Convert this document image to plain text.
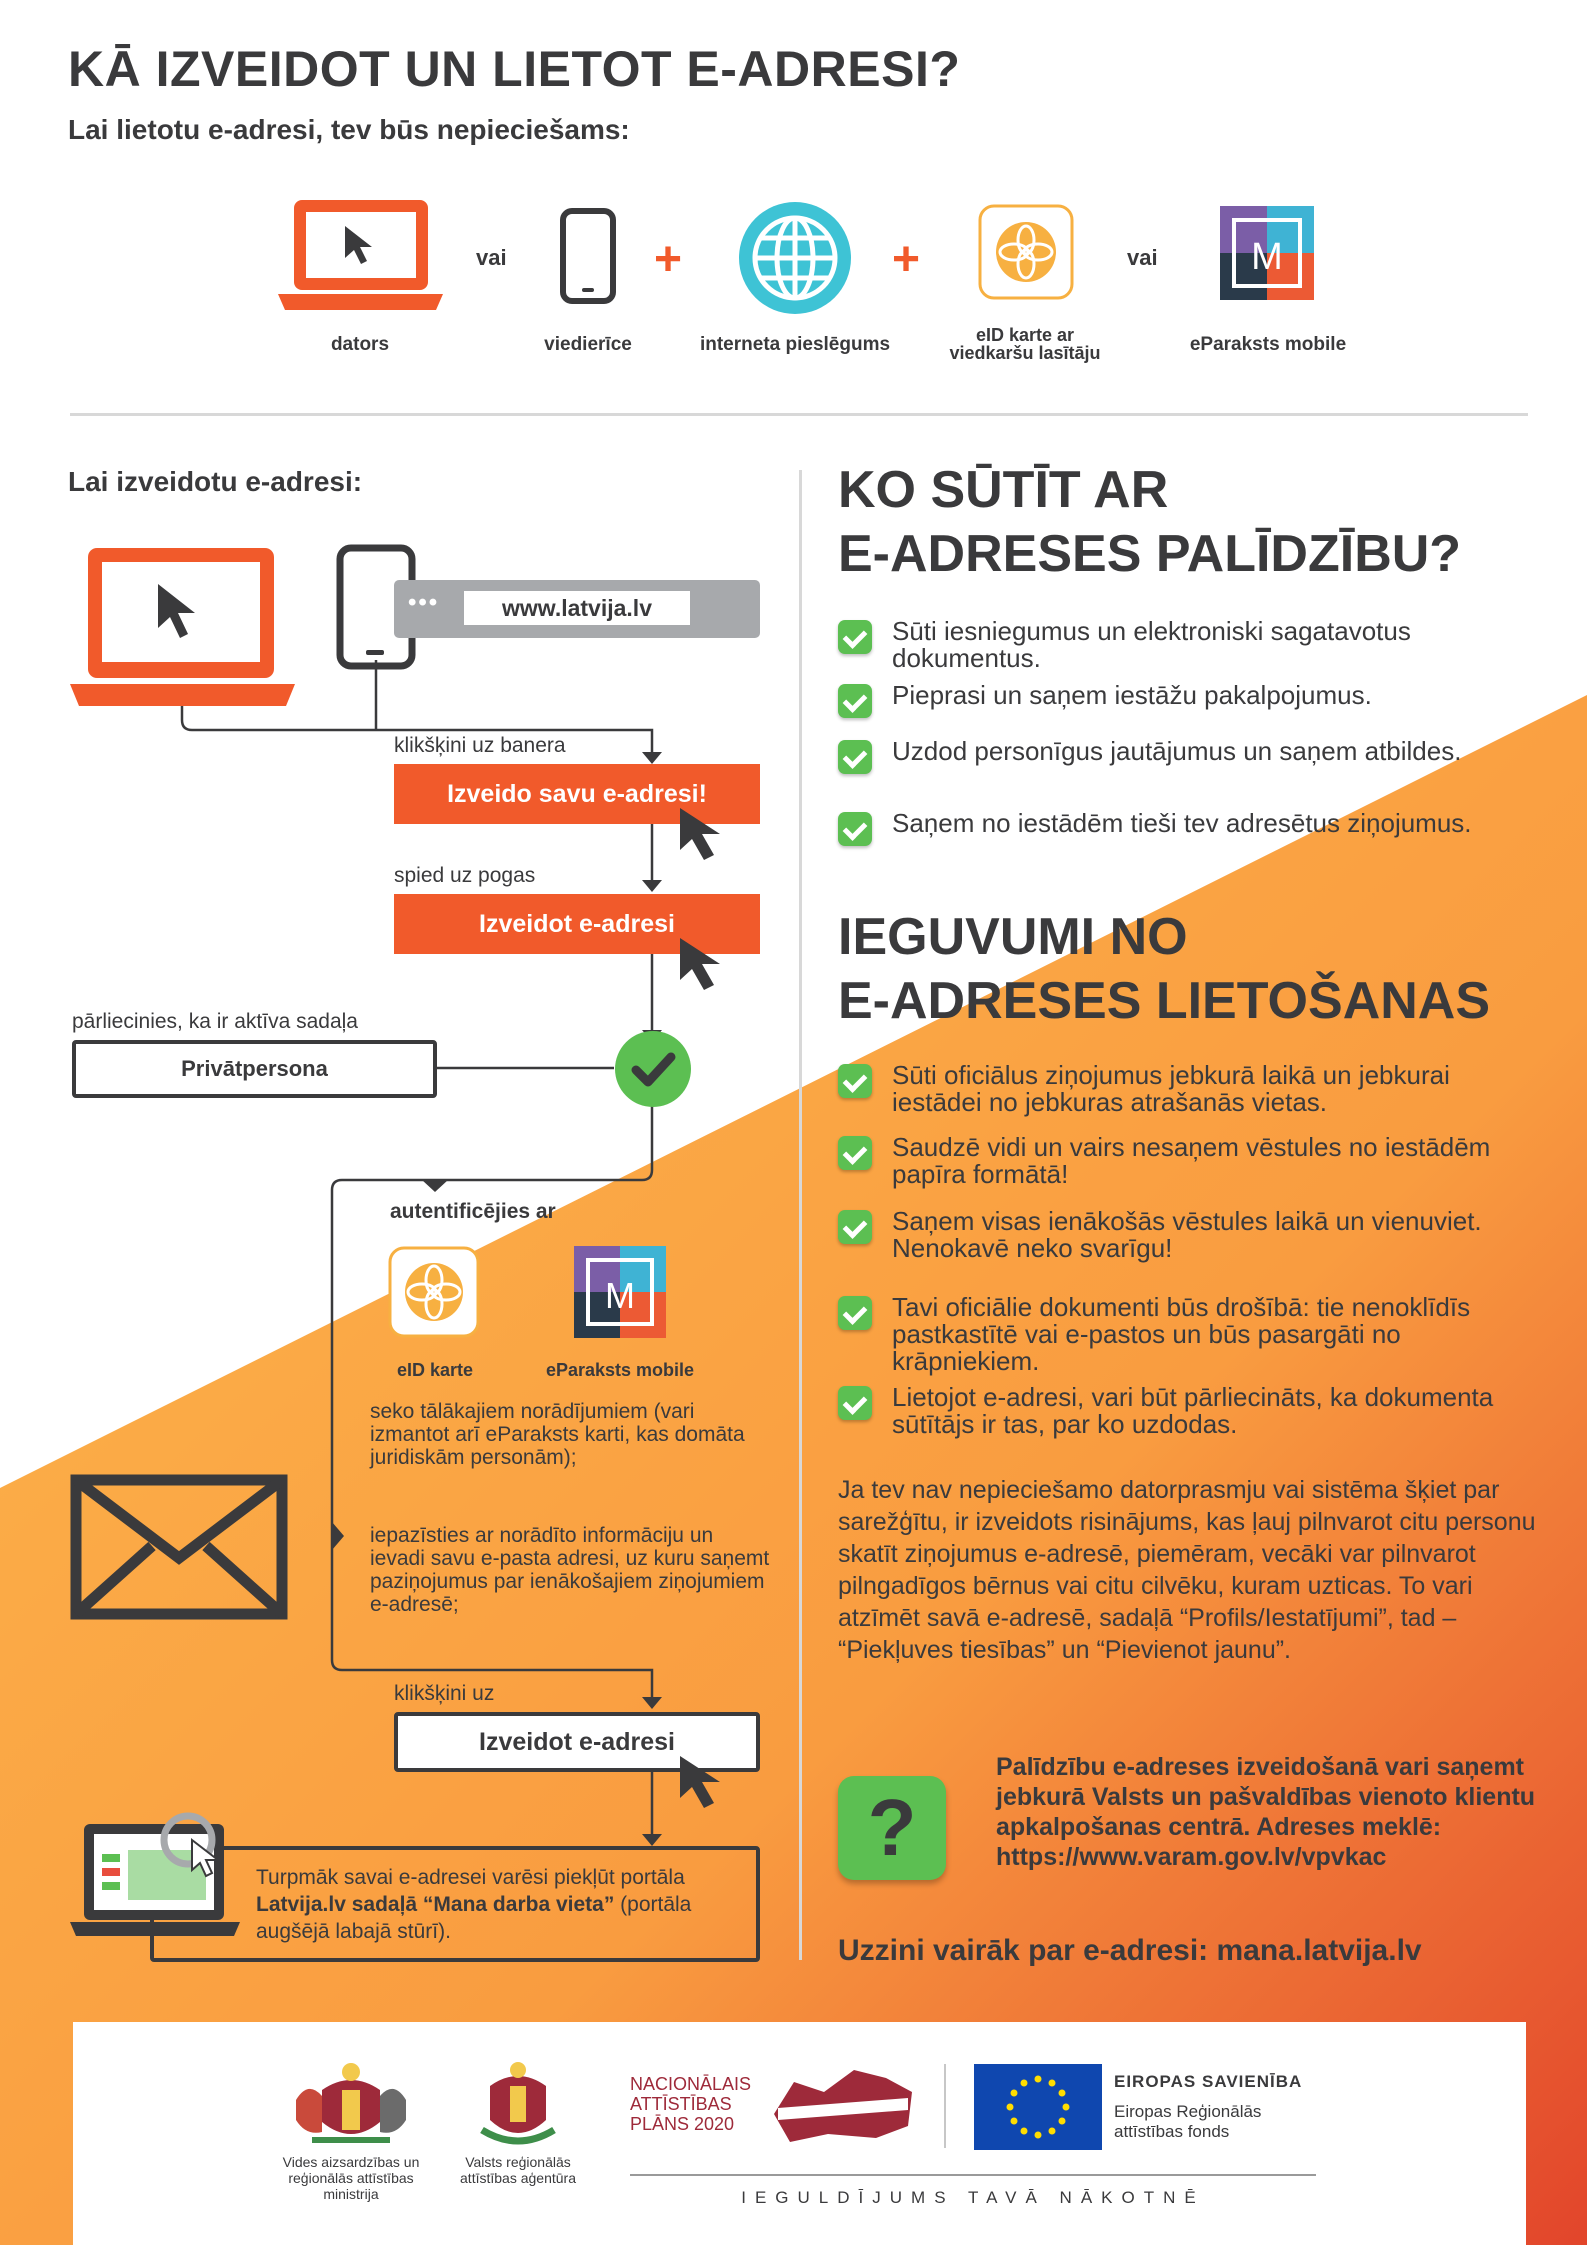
KĀ IZVEIDOT UN LIETOT E-ADRESI?
Lai lietotu e-adresi, tev būs nepieciešams:
dators
vai
viedierīce
+
interneta pieslēgums
+
eID karte ar
viedkaršu lasītāju
vai M
eParaksts mobile
Lai izveidotu e-adresi:
•••	www.latvija.lv
klikšķini uz banera
Izveido savu e-adresi!
spied uz pogas
Izveidot e-adresi
pārliecinies, ka ir aktīva sadaļa
Privātpersona
autentificējies ar
eID karte
M
eParaksts mobile
seko tālākajiem norādījumiem (vari izmantot arī eParaksts karti, kas domāta juridiskām personām);
iepazīsties ar norādīto informāciju un ievadi savu e-pasta adresi, uz kuru saņemt paziņojumus par ienākošajiem ziņojumiem e-adresē;
klikšķini uz
Izveidot e-adresi
Turpmāk savai e-adresei varēsi piekļūt portāla Latvija.lv sadaļā “Mana darba vieta” (portāla augšējā labajā stūrī).
KO SŪTĪT AR
E-ADRESES PALĪDZĪBU?
Sūti iesniegumus un elektroniski sagatavotus dokumentus.
Pieprasi un saņem iestāžu pakalpojumus.
Uzdod personīgus jautājumus un saņem atbildes.
Saņem no iestādēm tieši tev adresētus ziņojumus.
IEGUVUMI NO
E-ADRESES LIETOŠANAS
Sūti oficiālus ziņojumus jebkurā laikā un jebkurai iestādei no jebkuras atrašanās vietas.
Saudzē vidi un vairs nesaņem vēstules no iestādēm papīra formātā!
Saņem visas ienākošās vēstules laikā un vienuviet. Nenokavē neko svarīgu!
Tavi oficiālie dokumenti būs drošībā: tie nenoklīdīs pastkastītē vai e-pastos un būs pasargāti no krāpniekiem.
Lietojot e-adresi, vari būt pārliecināts, ka dokumenta sūtītājs ir tas, par ko uzdodas.
Ja tev nav nepieciešamo datorprasmju vai sistēma šķiet par sarežģītu, ir izveidots risinājums, kas ļauj pilnvarot citu personu skatīt ziņojumus e-adresē, piemēram, vecāki var pilnvarot pilngadīgos bērnus vai citu cilvēku, kuram uzticas. To vari atzīmēt savā e-adresē, sadaļā “Profils/Iestatījumi”, tad – “Piekļuves tiesības” un “Pievienot jaunu”.
?
Palīdzību e-adreses izveidošanā vari saņemt jebkurā Valsts un pašvaldības vienoto klientu apkalpošanas centrā. Adreses meklē:
https://www.varam.gov.lv/vpvkac
Uzzini vairāk par e-adresi: mana.latvija.lv
Vides aizsardzības un reģionālās attīstības ministrija
Valsts reģionālās attīstības aģentūra
NACIONĀLAIS
ATTĪSTĪBAS
PLĀNS 2020
EIROPAS SAVIENĪBA
Eiropas Reģionālās
attīstības fonds
IEGULDĪJUMS TAVĀ NĀKOTNĒ
